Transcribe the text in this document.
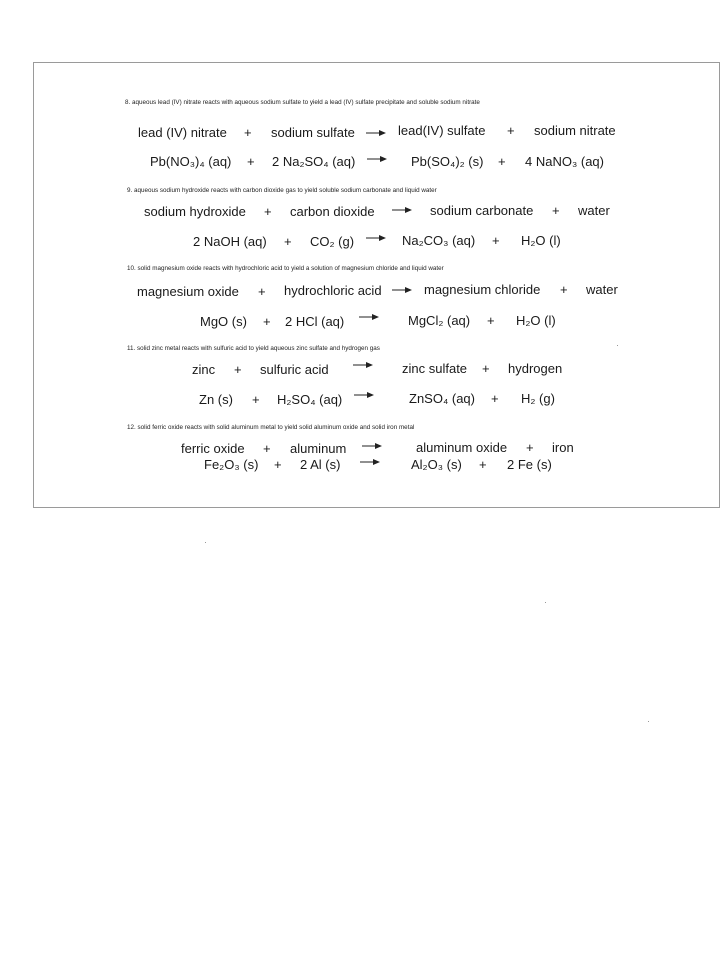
8. aqueous lead (IV) nitrate reacts with aqueous sodium sulfate to yield a lead (IV) sulfate precipitate and soluble sodium nitrate
lead (IV) nitrate + sodium sulfate	lead(IV) sulfate + sodium nitrate
Pb(NO₃)₄ (aq) + 2 Na₂SO₄ (aq)	Pb(SO₄)₂ (s) + 4 NaNO₃ (aq)
9. aqueous sodium hydroxide reacts with carbon dioxide gas to yield soluble sodium carbonate and liquid water
sodium hydroxide + carbon dioxide	sodium carbonate + water
2 NaOH (aq) + CO₂ (g)	Na₂CO₃ (aq) + H₂O (l)
10. solid magnesium oxide reacts with hydrochloric acid to yield a solution of magnesium chloride and liquid water
magnesium oxide + hydrochloric acid	magnesium chloride + water
MgO (s) + 2 HCl (aq)	MgCl₂ (aq) + H₂O (l)
11. solid zinc metal reacts with sulfuric acid to yield aqueous zinc sulfate and hydrogen gas
zinc + sulfuric acid	zinc sulfate + hydrogen
Zn (s) + H₂SO₄ (aq)	ZnSO₄ (aq) + H₂ (g)
12. solid ferric oxide reacts with solid aluminum metal to yield solid aluminum oxide and solid iron metal
ferric oxide + aluminum	aluminum oxide + iron
Fe₂O₃ (s) + 2 Al (s)	Al₂O₃ (s) + 2 Fe (s)
